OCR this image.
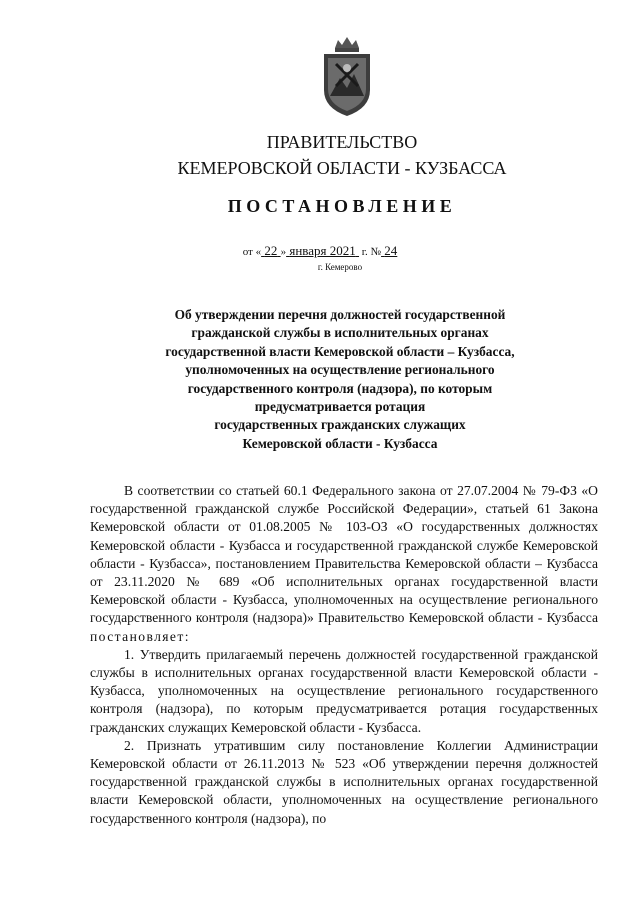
ПРАВИТЕЛЬСТВО
КЕМЕРОВСКОЙ ОБЛАСТИ - КУЗБАССА
ПОСТАНОВЛЕНИЕ
от « 22 » января 2021 г. № 24
г. Кемерово
Об утверждении перечня должностей государственной
гражданской службы в исполнительных органах
государственной власти Кемеровской области – Кузбасса,
уполномоченных на осуществление регионального
государственного контроля (надзора), по которым
предусматривается ротация
государственных гражданских служащих
Кемеровской области - Кузбасса

В соответствии со статьей 60.1 Федерального закона от 27.07.2004 № 79-ФЗ «О государственной гражданской службе Российской Федерации», статьей 61 Закона Кемеровской области от 01.08.2005 № 103-ОЗ «О государственных должностях Кемеровской области - Кузбасса и государственной гражданской службе Кемеровской области - Кузбасса», постановлением Правительства Кемеровской области – Кузбасса от 23.11.2020 № 689 «Об исполнительных органах государственной власти Кемеровской области - Кузбасса, уполномоченных на осуществление регионального государственного контроля (надзора)» Правительство Кемеровской области - Кузбасса постановляет:

1. Утвердить прилагаемый перечень должностей государственной гражданской службы в исполнительных органах государственной власти Кемеровской области - Кузбасса, уполномоченных на осуществление регионального государственного контроля (надзора), по которым предусматривается ротация государственных гражданских служащих Кемеровской области - Кузбасса.

2. Признать утратившим силу постановление Коллегии Администрации Кемеровской области от 26.11.2013 № 523 «Об утверждении перечня должностей государственной гражданской службы в исполнительных органах государственной власти Кемеровской области, уполномоченных на осуществление регионального государственного контроля (надзора), по
